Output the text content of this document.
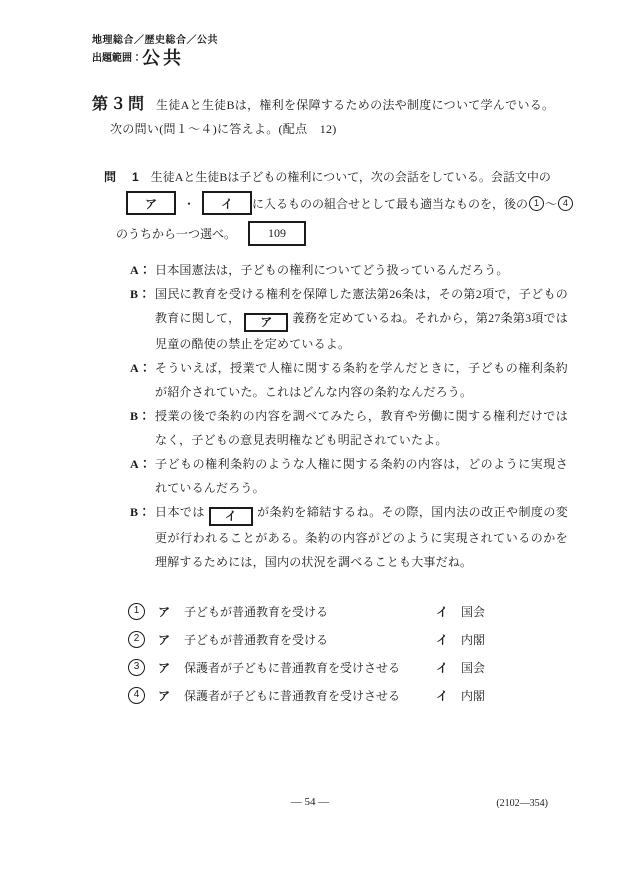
地理総合／歴史総合／公共
出題範囲： 公共
第３問 生徒Aと生徒Bは，権利を保障するための法や制度について学んでいる。
次の問い(問１～４)に答えよ。(配点　12)
問　1 生徒Aと生徒Bは子どもの権利について，次の会話をしている。会話文中の
ア	・	イ	に入るものの組合せとして最も適当なものを，後の 1 ～ 4
のうちから一つ選べ。	109
A： 日本国憲法は，子どもの権利についてどう扱っているんだろう。
B： 国民に教育を受ける権利を保障した憲法第26条は，その第2項で，子どもの教育に関して， ア 義務を定めているね。それから，第27条第3項では児童の酷使の禁止を定めているよ。
A： そういえば，授業で人権に関する条約を学んだときに，子どもの権利条約が紹介されていた。これはどんな内容の条約なんだろう。
B： 授業の後で条約の内容を調べてみたら，教育や労働に関する権利だけではなく，子どもの意見表明権なども明記されていたよ。
A： 子どもの権利条約のような人権に関する条約の内容は，どのように実現されているんだろう。
B： 日本では イ が条約を締結するね。その際，国内法の改正や制度の変更が行われることがある。条約の内容がどのように実現されているのかを理解するためには，国内の状況を調べることも大事だね。
1	ア 子どもが普通教育を受ける	イ 国会
2	ア 子どもが普通教育を受ける	イ 内閣
3	ア 保護者が子どもに普通教育を受けさせる	イ 国会
4	ア 保護者が子どもに普通教育を受けさせる	イ 内閣
— 54 —	(2102—354)
